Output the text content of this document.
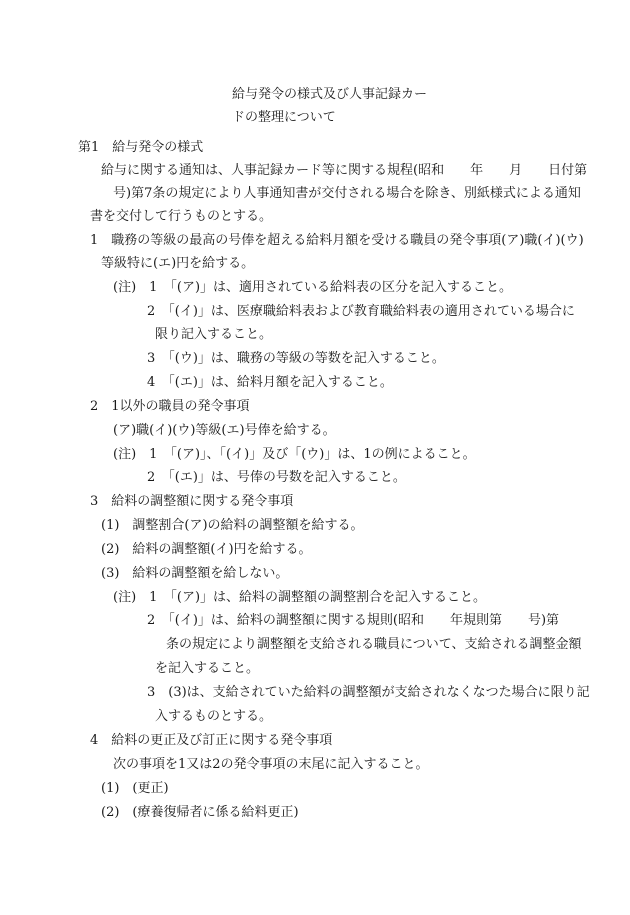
給与発令の様式及び人事記録カー
ドの整理について
第1　給与発令の様式
給与に関する通知は、人事記録カード等に関する規程(昭和　　年　　月　　日付第
号)第7条の規定により人事通知書が交付される場合を除き、別紙様式による通知
書を交付して行うものとする。
1　職務の等級の最高の号俸を超える給料月額を受ける職員の発令事項(ア)職(イ)(ウ)
等級特に(エ)円を給する。
(注)　1　「(ア)」は、適用されている給料表の区分を記入すること。
2　「(イ)」は、医療職給料表および教育職給料表の適用されている場合に
限り記入すること。
3　「(ウ)」は、職務の等級の等数を記入すること。
4　「(エ)」は、給料月額を記入すること。
2　1以外の職員の発令事項
(ア)職(イ)(ウ)等級(エ)号俸を給する。
(注)　1　「(ア)」、「(イ)」及び「(ウ)」は、1の例によること。
2　「(エ)」は、号俸の号数を記入すること。
3　給料の調整額に関する発令事項
(1)　調整割合(ア)の給料の調整額を給する。
(2)　給料の調整額(イ)円を給する。
(3)　給料の調整額を給しない。
(注)　1　「(ア)」は、給料の調整額の調整割合を記入すること。
2　「(イ)」は、給料の調整額に関する規則(昭和　　年規則第　　号)第
条の規定により調整額を支給される職員について、支給される調整金額
を記入すること。
3　(3)は、支給されていた給料の調整額が支給されなくなつた場合に限り記
入するものとする。
4　給料の更正及び訂正に関する発令事項
次の事項を1又は2の発令事項の末尾に記入すること。
(1)　(更正)
(2)　(療養復帰者に係る給料更正)
